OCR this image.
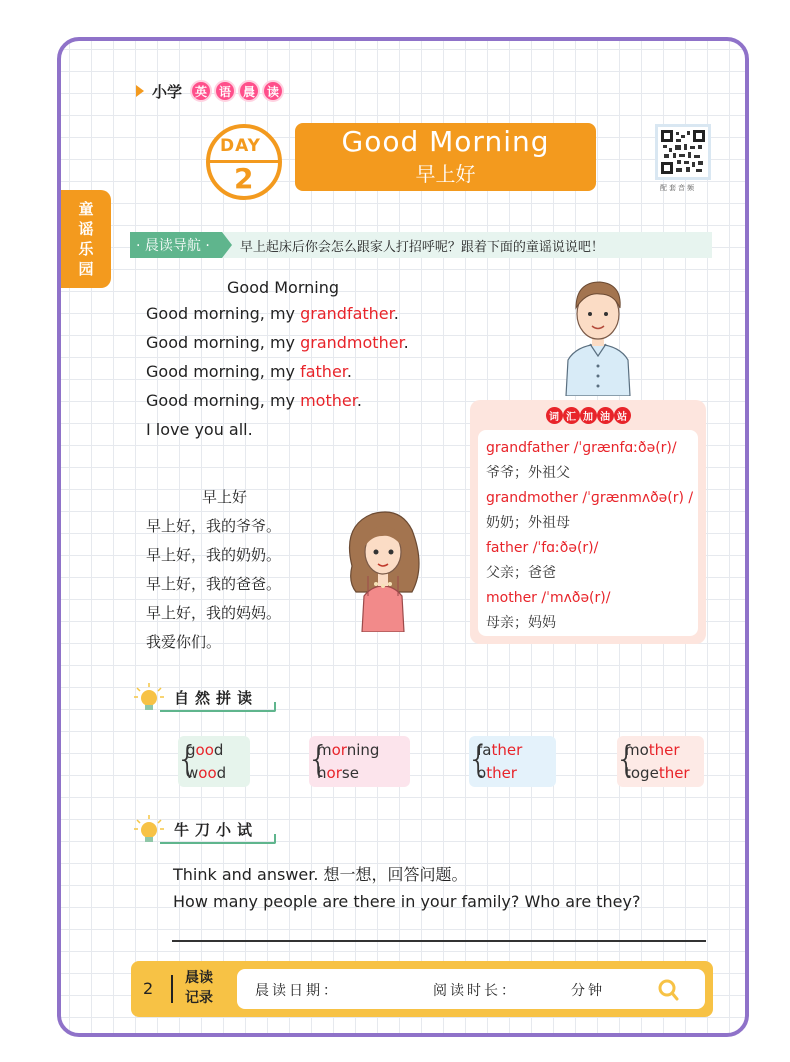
童
谣
乐
园
小学	英 语 晨 读
DAY
2
Good Morning
早上好
配套音频
· 晨读导航 ·	早上起床后你会怎么跟家人打招呼呢？跟着下面的童谣说说吧！
Good Morning
Good morning, my grandfather.
Good morning, my grandmother.
Good morning, my father.
Good morning, my mother.
I love you all.
早上好
早上好，我的爷爷。
早上好，我的奶奶。
早上好，我的爸爸。
早上好，我的妈妈。
我爱你们。
词 汇 加 油 站
grandfather /ˈɡrænfɑːðə(r)/
爷爷；外祖父
grandmother /ˈɡrænmʌðə(r) /
奶奶；外祖母
father /ˈfɑːðə(r)/
父亲；爸爸
mother /ˈmʌðə(r)/
母亲；妈妈
自然拼读
{ good
wood
{ morning
horse
{ father
other
{ mother
together
牛刀小试
Think and answer. 想一想，回答问题。
How many people are there in your family? Who are they?
2
晨读
记录	晨读日期：	阅读时长：	分钟
